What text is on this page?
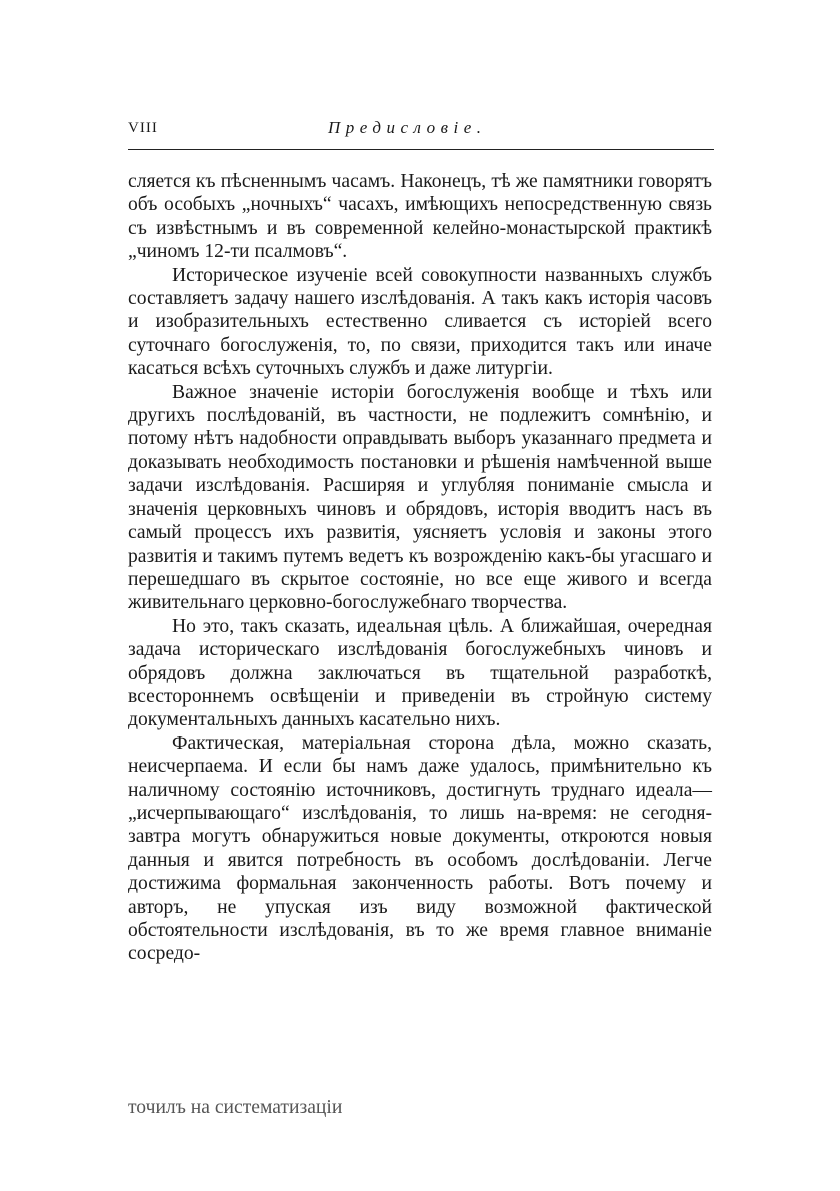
VIII	Предисловіе.

сляется къ пѣсненнымъ часамъ. Наконецъ, тѣ же памятники говорятъ объ особыхъ „ночныхъ“ часахъ, имѣющихъ непосредственную связь съ извѣстнымъ и въ современной келейно-монастырской практикѣ „чиномъ 12-ти псалмовъ“.

Историческое изученіе всей совокупности названныхъ службъ составляетъ задачу нашего изслѣдованія. А такъ какъ исторія часовъ и изобразительныхъ естественно сливается съ исторіей всего суточнаго богослуженія, то, по связи, приходится такъ или иначе касаться всѣхъ суточныхъ службъ и даже литургіи.

Важное значеніе исторіи богослуженія вообще и тѣхъ или другихъ послѣдованій, въ частности, не подлежитъ сомнѣнію, и потому нѣтъ надобности оправдывать выборъ указаннаго предмета и доказывать необходимость постановки и рѣшенія намѣченной выше задачи изслѣдованія. Расширяя и углубляя пониманіе смысла и значенія церковныхъ чиновъ и обрядовъ, исторія вводитъ насъ въ самый процессъ ихъ развитія, уясняетъ условія и законы этого развитія и такимъ путемъ ведетъ къ возрожденію какъ-бы угасшаго и перешедшаго въ скрытое состояніе, но все еще живого и всегда живительнаго церковно-богослужебнаго творчества.

Но это, такъ сказать, идеальная цѣль. А ближайшая, очередная задача историческаго изслѣдованія богослужебныхъ чиновъ и обрядовъ должна заключаться въ тщательной разработкѣ, всестороннемъ освѣщеніи и приведеніи въ стройную систему документальныхъ данныхъ касательно нихъ.

Фактическая, матеріальная сторона дѣла, можно сказать, неисчерпаема. И если бы намъ даже удалось, примѣнительно къ наличному состоянію источниковъ, достигнуть труднаго идеала—„исчерпывающаго“ изслѣдованія, то лишь на-время: не сегодня-завтра могутъ обнаружиться новые документы, откроются новыя данныя и явится потребность въ особомъ дослѣдованіи. Легче достижима формальная законченность работы. Вотъ почему и авторъ, не упуская изъ виду возможной фактической обстоятельности изслѣдованія, въ то же время главное вниманіе сосредо-

точилъ на систематизаціи
